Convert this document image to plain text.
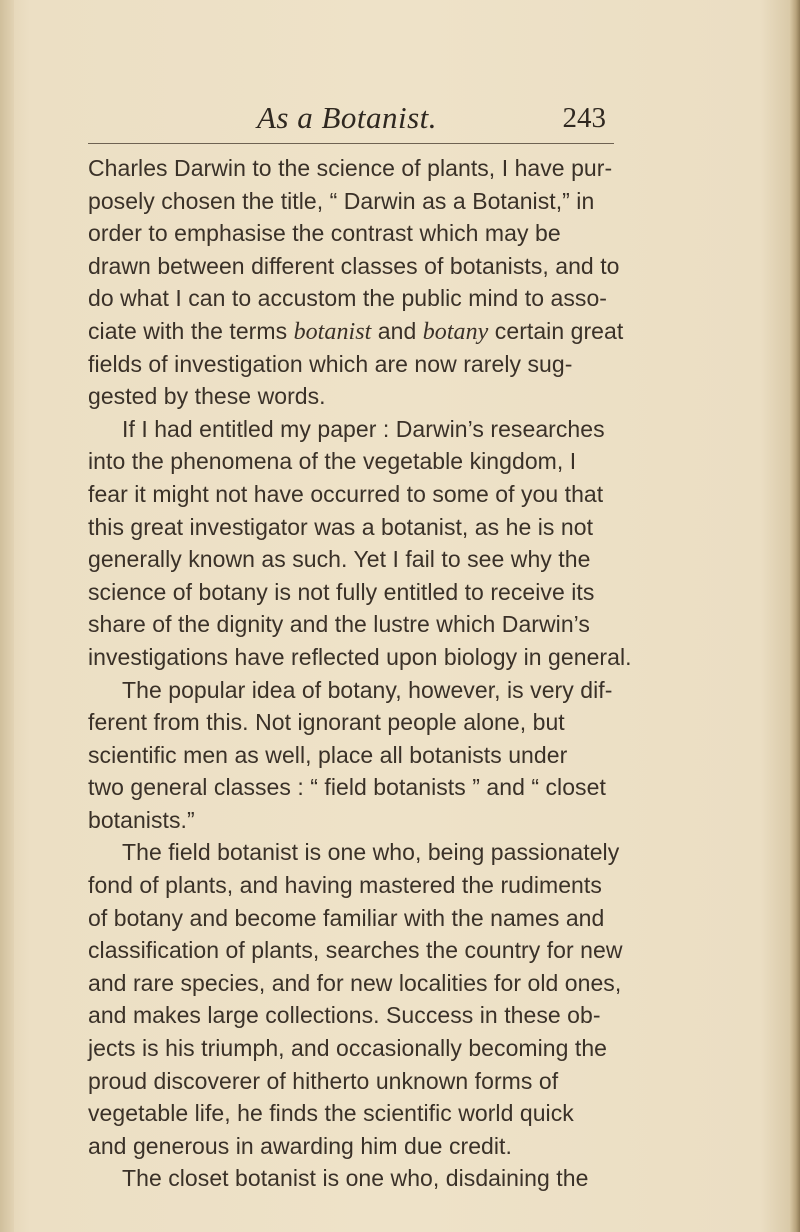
As a Botanist.	243
Charles Darwin to the science of plants, I have pur-
posely chosen the title, “ Darwin as a Botanist,” in
order to emphasise the contrast which may be
drawn between different classes of botanists, and to
do what I can to accustom the public mind to asso-
ciate with the terms botanist and botany certain great
fields of investigation which are now rarely sug-
gested by these words.
If I had entitled my paper : Darwin’s researches
into the phenomena of the vegetable kingdom, I
fear it might not have occurred to some of you that
this great investigator was a botanist, as he is not
generally known as such. Yet I fail to see why the
science of botany is not fully entitled to receive its
share of the dignity and the lustre which Darwin’s
investigations have reflected upon biology in general.
The popular idea of botany, however, is very dif-
ferent from this. Not ignorant people alone, but
scientific men as well, place all botanists under
two general classes : “ field botanists ” and “ closet
botanists.”
The field botanist is one who, being passionately
fond of plants, and having mastered the rudiments
of botany and become familiar with the names and
classification of plants, searches the country for new
and rare species, and for new localities for old ones,
and makes large collections. Success in these ob-
jects is his triumph, and occasionally becoming the
proud discoverer of hitherto unknown forms of
vegetable life, he finds the scientific world quick
and generous in awarding him due credit.
The closet botanist is one who, disdaining the
